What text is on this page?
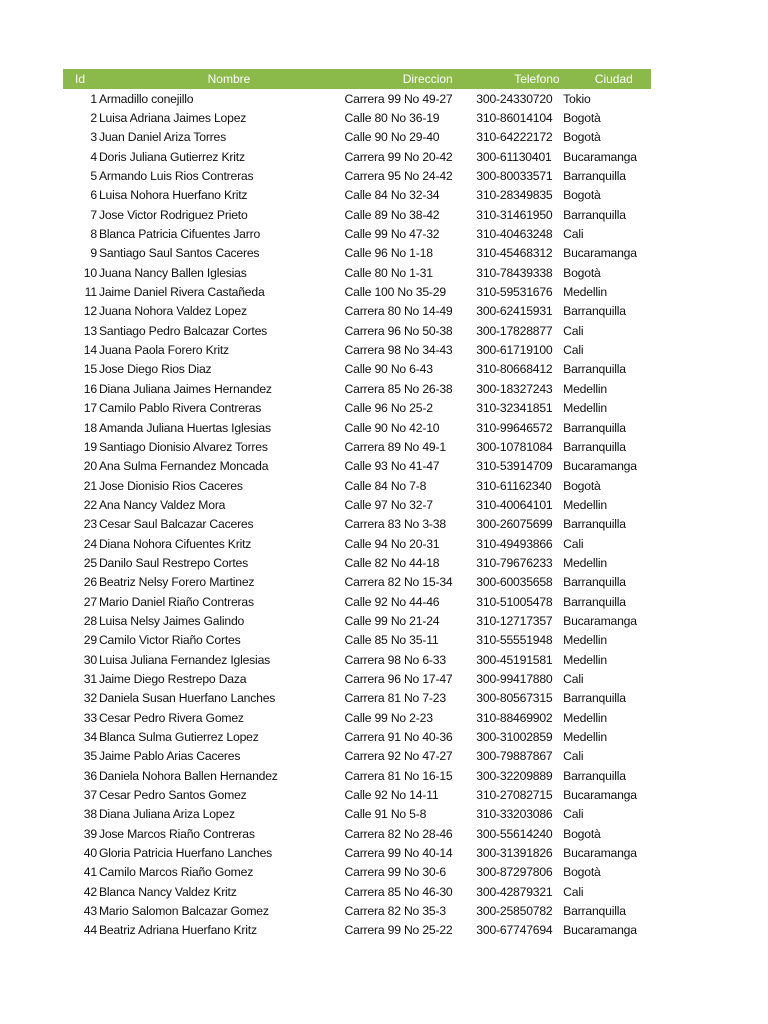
Id	Nombre	Direccion	Telefono	Ciudad
1 Armadillo conejillo	Carrera 99 No 49-27	300-24330720 Tokio
2 Luisa Adriana Jaimes Lopez	Calle 80 No 36-19	310-86014104 Bogotà
3 Juan Daniel Ariza Torres	Calle 90 No 29-40	310-64222172 Bogotà
4 Doris Juliana Gutierrez Kritz	Carrera 99 No 20-42	300-61130401 Bucaramanga
5 Armando Luis Rios Contreras	Carrera 95 No 24-42	300-80033571 Barranquilla
6 Luisa Nohora Huerfano Kritz	Calle 84 No 32-34	310-28349835 Bogotà
7 Jose Victor Rodriguez Prieto	Calle 89 No 38-42	310-31461950 Barranquilla
8 Blanca Patricia Cifuentes Jarro	Calle 99 No 47-32	310-40463248 Cali
9 Santiago Saul Santos Caceres	Calle 96 No 1-18	310-45468312 Bucaramanga
10 Juana Nancy Ballen Iglesias	Calle 80 No 1-31	310-78439338 Bogotà
11 Jaime Daniel Rivera Castañeda	Calle 100 No 35-29	310-59531676 Medellin
12 Juana Nohora Valdez Lopez	Carrera 80 No 14-49	300-62415931 Barranquilla
13 Santiago Pedro Balcazar Cortes	Carrera 96 No 50-38	300-17828877 Cali
14 Juana Paola Forero Kritz	Carrera 98 No 34-43	300-61719100 Cali
15 Jose Diego Rios Diaz	Calle 90 No 6-43	310-80668412 Barranquilla
16 Diana Juliana Jaimes Hernandez	Carrera 85 No 26-38	300-18327243 Medellin
17 Camilo Pablo Rivera Contreras	Calle 96 No 25-2	310-32341851 Medellin
18 Amanda Juliana Huertas Iglesias	Calle 90 No 42-10	310-99646572 Barranquilla
19 Santiago Dionisio Alvarez Torres	Carrera 89 No 49-1	300-10781084 Barranquilla
20 Ana Sulma Fernandez Moncada	Calle 93 No 41-47	310-53914709 Bucaramanga
21 Jose Dionisio Rios Caceres	Calle 84 No 7-8	310-61162340 Bogotà
22 Ana Nancy Valdez Mora	Calle 97 No 32-7	310-40064101 Medellin
23 Cesar Saul Balcazar Caceres	Carrera 83 No 3-38	300-26075699 Barranquilla
24 Diana Nohora Cifuentes Kritz	Calle 94 No 20-31	310-49493866 Cali
25 Danilo Saul Restrepo Cortes	Calle 82 No 44-18	310-79676233 Medellin
26 Beatriz Nelsy Forero Martinez	Carrera 82 No 15-34	300-60035658 Barranquilla
27 Mario Daniel Riaño Contreras	Calle 92 No 44-46	310-51005478 Barranquilla
28 Luisa Nelsy Jaimes Galindo	Calle 99 No 21-24	310-12717357 Bucaramanga
29 Camilo Victor Riaño Cortes	Calle 85 No 35-11	310-55551948 Medellin
30 Luisa Juliana Fernandez Iglesias	Carrera 98 No 6-33	300-45191581 Medellin
31 Jaime Diego Restrepo Daza	Carrera 96 No 17-47	300-99417880 Cali
32 Daniela Susan Huerfano Lanches	Carrera 81 No 7-23	300-80567315 Barranquilla
33 Cesar Pedro Rivera Gomez	Calle 99 No 2-23	310-88469902 Medellin
34 Blanca Sulma Gutierrez Lopez	Carrera 91 No 40-36	300-31002859 Medellin
35 Jaime Pablo Arias Caceres	Carrera 92 No 47-27	300-79887867 Cali
36 Daniela Nohora Ballen Hernandez	Carrera 81 No 16-15	300-32209889 Barranquilla
37 Cesar Pedro Santos Gomez	Calle 92 No 14-11	310-27082715 Bucaramanga
38 Diana Juliana Ariza Lopez	Calle 91 No 5-8	310-33203086 Cali
39 Jose Marcos Riaño Contreras	Carrera 82 No 28-46	300-55614240 Bogotà
40 Gloria Patricia Huerfano Lanches	Carrera 99 No 40-14	300-31391826 Bucaramanga
41 Camilo Marcos Riaño Gomez	Carrera 99 No 30-6	300-87297806 Bogotà
42 Blanca Nancy Valdez Kritz	Carrera 85 No 46-30	300-42879321 Cali
43 Mario Salomon Balcazar Gomez	Carrera 82 No 35-3	300-25850782 Barranquilla
44 Beatriz Adriana Huerfano Kritz	Carrera 99 No 25-22	300-67747694 Bucaramanga
